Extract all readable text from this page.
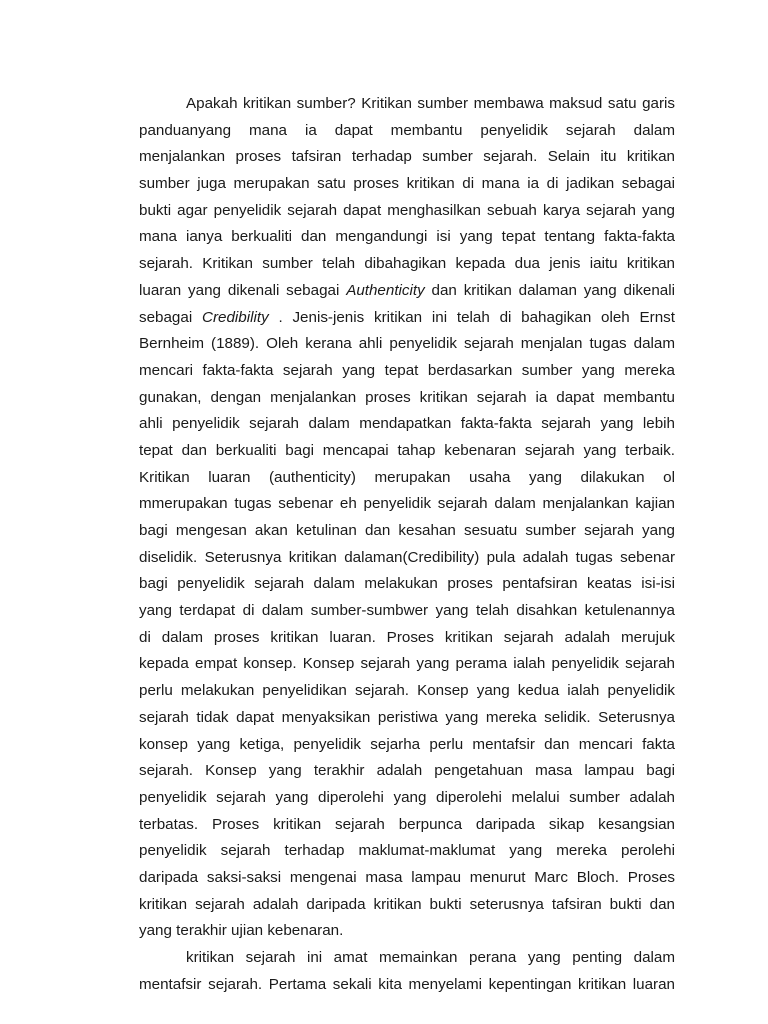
Apakah kritikan sumber? Kritikan sumber membawa maksud satu garis
panduanyang mana ia dapat membantu penyelidik sejarah dalam
menjalankan proses tafsiran terhadap sumber sejarah. Selain itu kritikan
sumber juga merupakan satu proses kritikan di mana ia di jadikan sebagai
bukti agar penyelidik sejarah dapat menghasilkan sebuah karya sejarah yang
mana ianya berkualiti dan mengandungi isi yang tepat tentang fakta-fakta
sejarah. Kritikan sumber telah dibahagikan kepada dua jenis iaitu kritikan
luaran yang dikenali sebagai Authenticity dan kritikan dalaman yang dikenali
sebagai Credibility . Jenis-jenis kritikan ini telah di bahagikan oleh Ernst
Bernheim (1889). Oleh kerana ahli penyelidik sejarah menjalan tugas dalam
mencari fakta-fakta sejarah yang tepat berdasarkan sumber yang mereka
gunakan, dengan menjalankan proses kritikan sejarah ia dapat membantu
ahli penyelidik sejarah dalam mendapatkan fakta-fakta sejarah yang lebih
tepat dan berkualiti bagi mencapai tahap kebenaran sejarah yang terbaik.
Kritikan luaran (authenticity) merupakan usaha yang dilakukan ol
mmerupakan tugas sebenar eh penyelidik sejarah dalam menjalankan kajian
bagi mengesan akan ketulinan dan kesahan sesuatu sumber sejarah yang
diselidik. Seterusnya kritikan dalaman(Credibility) pula adalah tugas sebenar
bagi penyelidik sejarah dalam melakukan proses pentafsiran keatas isi-isi
yang terdapat di dalam sumber-sumbwer yang telah disahkan ketulenannya
di dalam proses kritikan luaran. Proses kritikan sejarah adalah merujuk
kepada empat konsep. Konsep sejarah yang perama ialah penyelidik sejarah
perlu melakukan penyelidikan sejarah. Konsep yang kedua ialah penyelidik
sejarah tidak dapat menyaksikan peristiwa yang mereka selidik. Seterusnya
konsep yang ketiga, penyelidik sejarha perlu mentafsir dan mencari fakta
sejarah. Konsep yang terakhir adalah pengetahuan masa lampau bagi
penyelidik sejarah yang diperolehi yang diperolehi melalui sumber adalah
terbatas. Proses kritikan sejarah berpunca daripada sikap kesangsian
penyelidik sejarah terhadap maklumat-maklumat yang mereka perolehi
daripada saksi-saksi mengenai masa lampau menurut Marc Bloch. Proses
kritikan sejarah adalah daripada kritikan bukti seterusnya tafsiran bukti dan
yang terakhir ujian kebenaran.
kritikan sejarah ini amat memainkan perana yang penting dalam
mentafsir sejarah. Pertama sekali kita menyelami kepentingan kritikan luaran
